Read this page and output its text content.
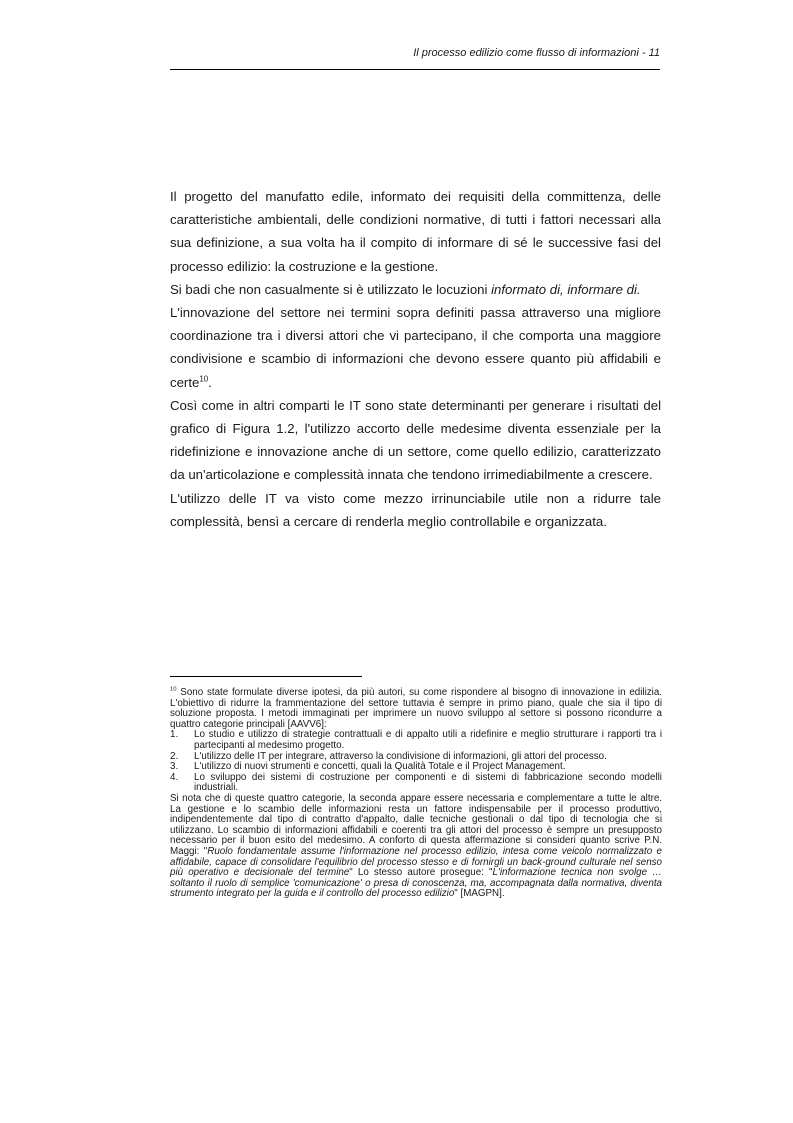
Il processo edilizio come flusso di informazioni - 11

Il progetto del manufatto edile, informato dei requisiti della committenza, delle caratteristiche ambientali, delle condizioni normative, di tutti i fattori necessari alla sua definizione, a sua volta ha il compito di informare di sé le successive fasi del processo edilizio: la costruzione e la gestione.

Si badi che non casualmente si è utilizzato le locuzioni informato di, informare di.

L'innovazione del settore nei termini sopra definiti passa attraverso una migliore coordinazione tra i diversi attori che vi partecipano, il che comporta una maggiore condivisione e scambio di informazioni che devono essere quanto più affidabili e certe$^{10}$.

Così come in altri comparti le IT sono state determinanti per generare i risultati del grafico di Figura 1.2, l'utilizzo accorto delle medesime diventa essenziale per la ridefinizione e innovazione anche di un settore, come quello edilizio, caratterizzato da un'articolazione e complessità innata che tendono irrimediabilmente a crescere.

L'utilizzo delle IT va visto come mezzo irrinunciabile utile non a ridurre tale complessità, bensì a cercare di renderla meglio controllabile e organizzata.

$^{10}$ Sono state formulate diverse ipotesi, da più autori, su come rispondere al bisogno di innovazione in edilizia. L'obiettivo di ridurre la frammentazione del settore tuttavia è sempre in primo piano, quale che sia il tipo di soluzione proposta. I metodi immaginati per imprimere un nuovo sviluppo al settore si possono ricondurre a quattro categorie principali [AAVV6]:

1. Lo studio e utilizzo di strategie contrattuali e di appalto utili a ridefinire e meglio strutturare i rapporti tra i partecipanti al medesimo progetto.
2. L'utilizzo delle IT per integrare, attraverso la condivisione di informazioni, gli attori del processo.
3. L'utilizzo di nuovi strumenti e concetti, quali la Qualità Totale e il Project Management.
4. Lo sviluppo dei sistemi di costruzione per componenti e di sistemi di fabbricazione secondo modelli industriali.

Si nota che di queste quattro categorie, la seconda appare essere necessaria e complementare a tutte le altre. La gestione e lo scambio delle informazioni resta un fattore indispensabile per il processo produttivo, indipendentemente dal tipo di contratto d'appalto, dalle tecniche gestionali o dal tipo di tecnologia che si utilizzano. Lo scambio di informazioni affidabili e coerenti tra gli attori del processo è sempre un presupposto necessario per il buon esito del medesimo. A conforto di questa affermazione si consideri quanto scrive P.N. Maggi: "Ruolo fondamentale assume l'informazione nel processo edilizio, intesa come veicolo normalizzato e affidabile, capace di consolidare l'equilibrio del processo stesso e di fornirgli un back-ground culturale nel senso più operativo e decisionale del termine" Lo stesso autore prosegue: "L'informazione tecnica non svolge … soltanto il ruolo di semplice 'comunicazione' o presa di conoscenza, ma, accompagnata dalla normativa, diventa strumento integrato per la guida e il controllo del processo edilizio" [MAGPN].
